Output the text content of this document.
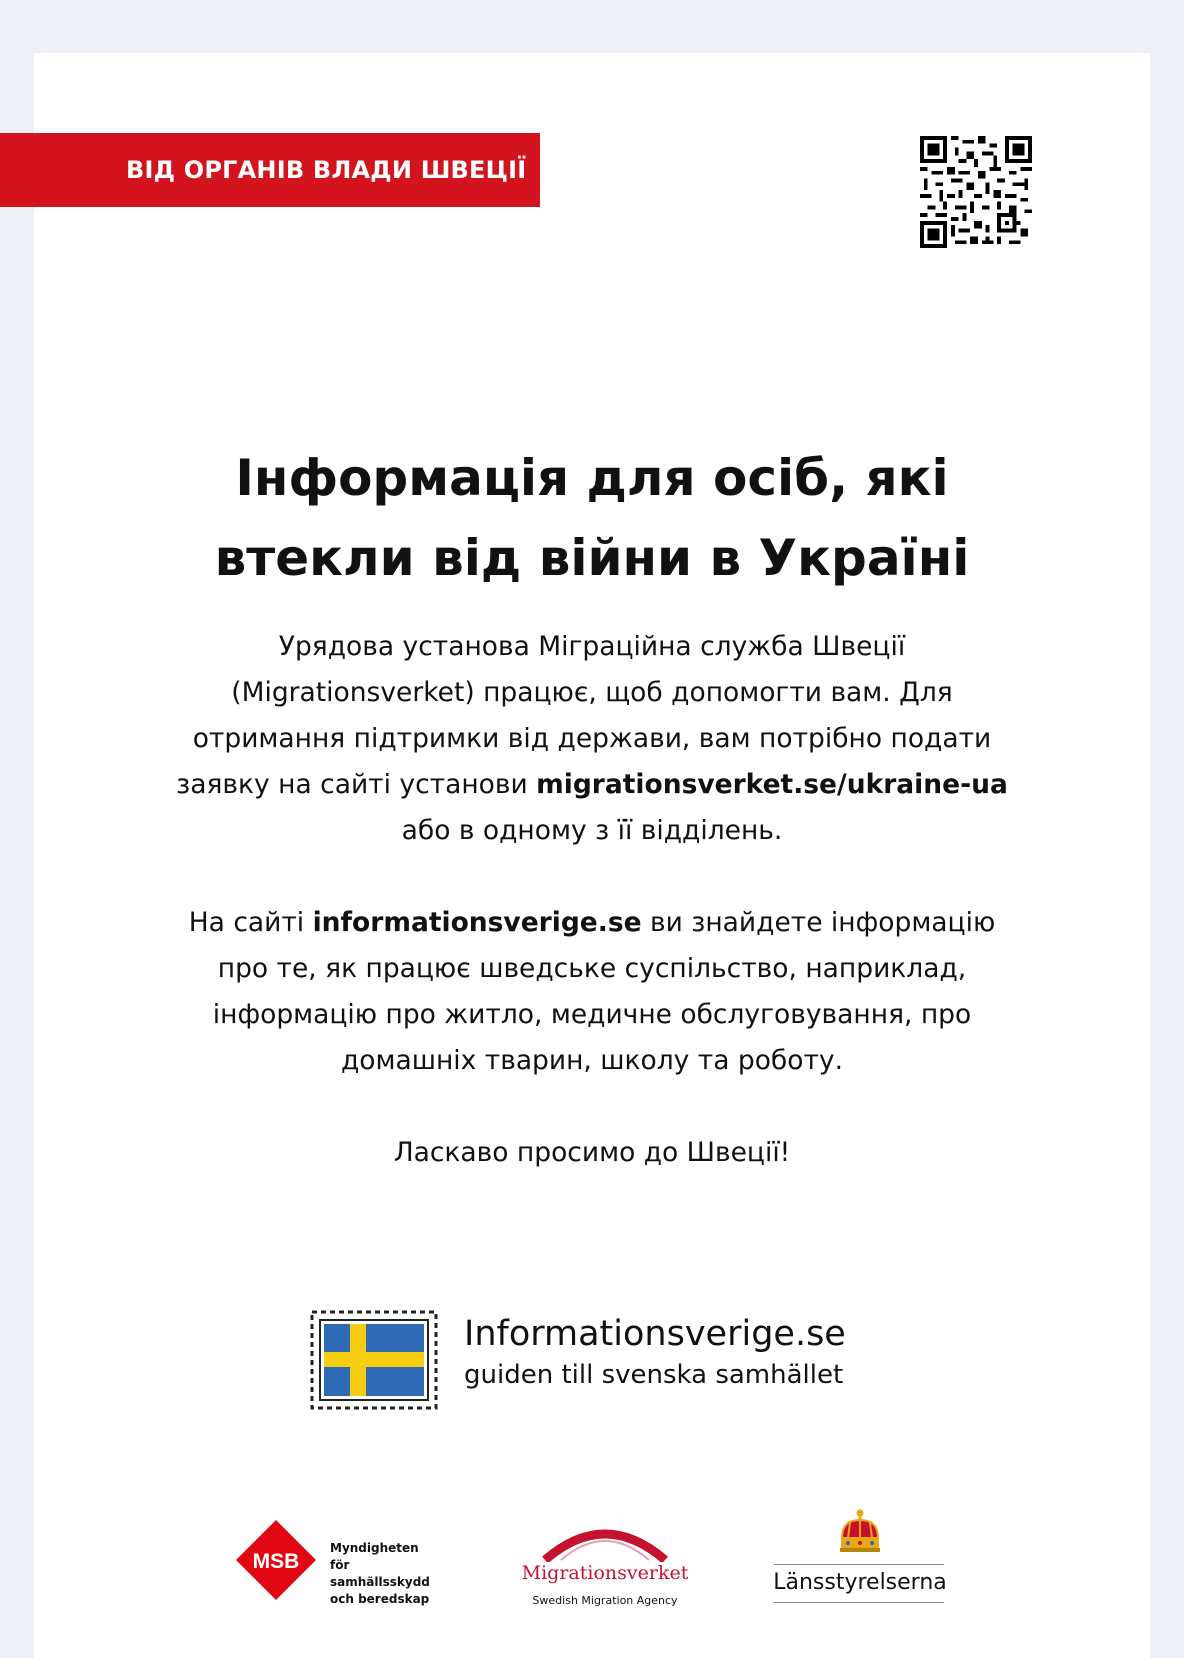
ВІД ОРГАНІВ ВЛАДИ ШВЕЦІЇ
Інформація для осіб, які
втекли від війни в Україні

Урядова установа Міграційна служба Швеції
(Migrationsverket) працює, щоб допомогти вам. Для
отримання підтримки від держави, вам потрібно подати
заявку на сайті установи migrationsverket.se/ukraine-ua
або в одному з її відділень.

На сайті informationsverige.se ви знайдете інформацію
про те, як працює шведське суспільство, наприклад,
інформацію про житло, медичне обслуговування, про
домашніх тварин, школу та роботу.

Ласкаво просимо до Швеції!

Informationsverige.se
guiden till svenska samhället
MSB
Myndigheten för
samhällsskydd
och beredskap
Migrationsverket
Swedish Migration Agency
Länsstyrelserna
